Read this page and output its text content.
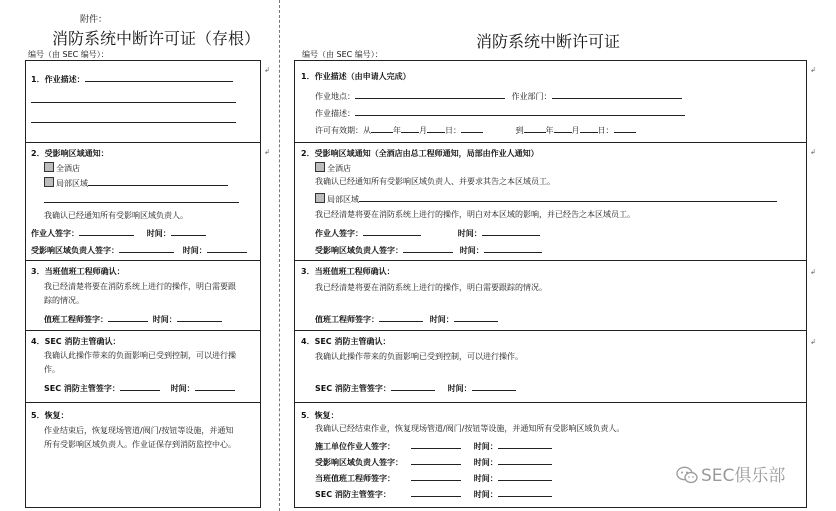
附件：
消防系统中断许可证（存根）
编号（由 SEC 编号）：
1．作业描述：
2．受影响区域通知：
全酒店
局部区域
我确认已经通知所有受影响区域负责人。
作业人签字：	时间：
受影响区域负责人签字：	时间：
3．当班值班工程师确认：
我已经清楚将要在消防系统上进行的操作，明白需要跟
踪的情况。
值班工程师签字：	时间：
4．SEC 消防主管确认：
我确认此操作带来的负面影响已受到控制，可以进行操
作。
SEC 消防主管签字：	时间：
5．恢复：
作业结束后，恢复现场管道/阀门/按钮等设施，并通知
所有受影响区域负责人。作业证保存到消防监控中心。
消防系统中断许可证
编号（由 SEC 编号）：
1．作业描述（由申请人完成）
作业地点：	作业部门：
作业描述：
许可有效期：从	年 月 日：	到	年 月 日：
2．受影响区域通知（全酒店由总工程师通知，局部由作业人通知）
全酒店
我确认已经通知所有受影响区域负责人、并要求其告之本区域员工。
局部区域
我已经清楚将要在消防系统上进行的操作，明白对本区域的影响，并已经告之本区域员工。
作业人签字：	时间：
受影响区域负责人签字：	时间：
3．当班值班工程师确认：
我已经清楚将要在消防系统上进行的操作，明白需要跟踪的情况。
值班工程师签字：	时间：
4．SEC 消防主管确认：
我确认此操作带来的负面影响已受到控制，可以进行操作。
SEC 消防主管签字：	时间：
5．恢复：
我确认已经结束作业，恢复现场管道/阀门/按钮等设施，并通知所有受影响区域负责人。
施工单位作业人签字：	时间：
受影响区域负责人签字：	时间：
当班值班工程师签字：	时间：
SEC 消防主管签字：	时间：
↲
↲
↲
↲
↲
↲
SEC俱乐部
